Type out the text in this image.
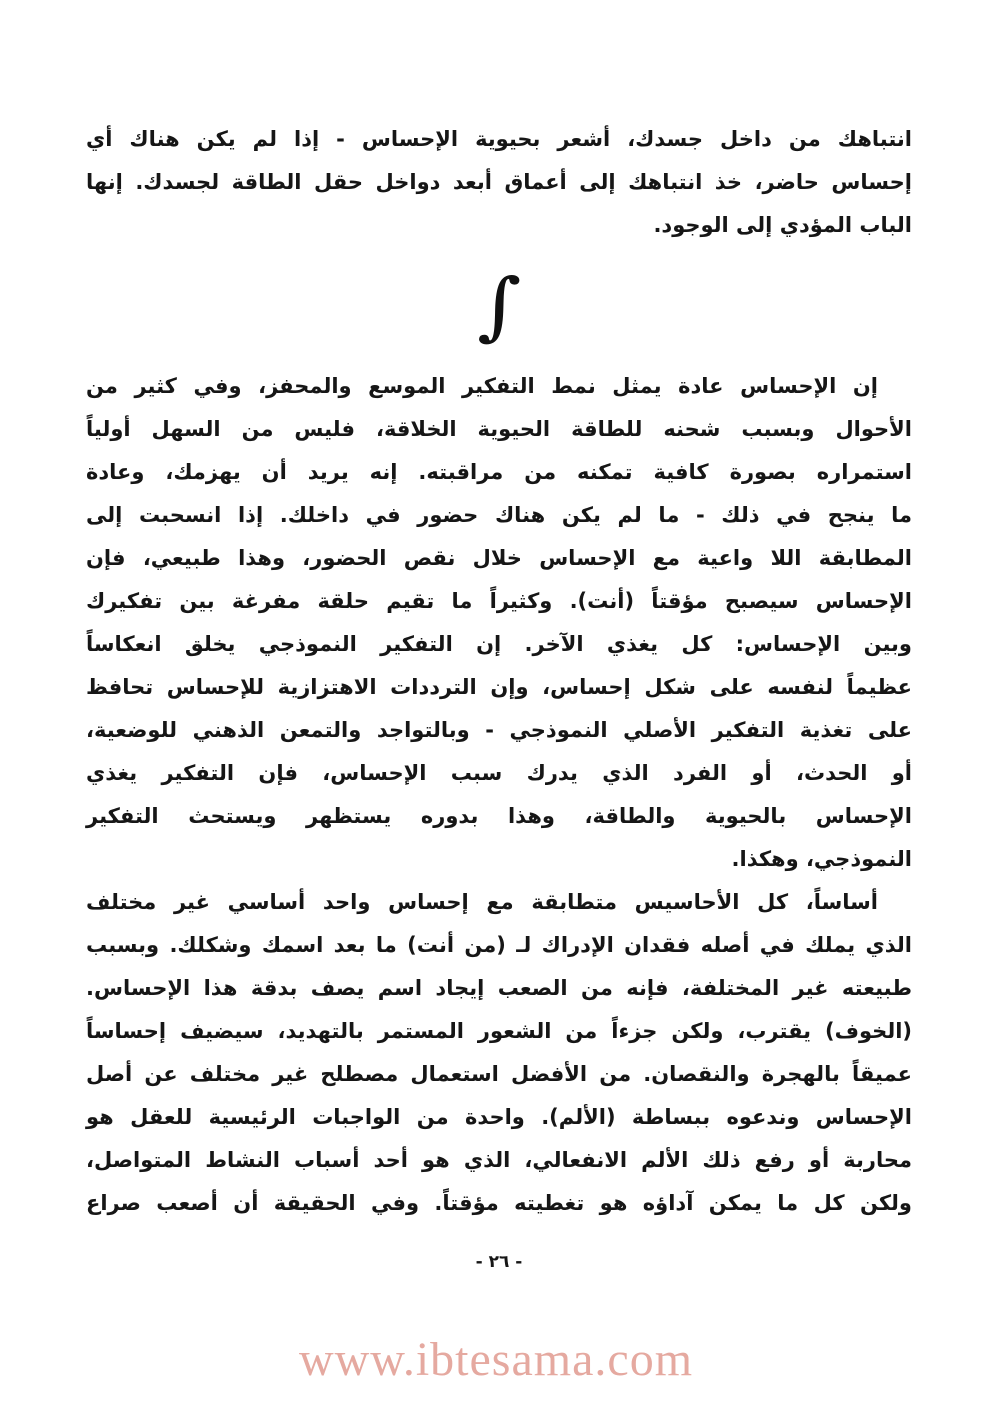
انتباهك من داخل جسدك، أشعر بحيوية الإحساس - إذا لم يكن هناك أي
إحساس حاضر، خذ انتباهك إلى أعماق أبعد دواخل حقل الطاقة لجسدك. إنها
الباب المؤدي إلى الوجود.
∫
إن الإحساس عادة يمثل نمط التفكير الموسع والمحفز، وفي كثير من
الأحوال وبسبب شحنه للطاقة الحيوية الخلاقة، فليس من السهل أولياً
استمراره بصورة كافية تمكنه من مراقبته. إنه يريد أن يهزمك، وعادة
ما ينجح في ذلك - ما لم يكن هناك حضور في داخلك. إذا انسحبت إلى
المطابقة اللا واعية مع الإحساس خلال نقص الحضور، وهذا طبيعي، فإن
الإحساس سيصبح مؤقتاً (أنت). وكثيراً ما تقيم حلقة مفرغة بين تفكيرك
وبين الإحساس: كل يغذي الآخر. إن التفكير النموذجي يخلق انعكاساً
عظيماً لنفسه على شكل إحساس، وإن الترددات الاهتزازية للإحساس تحافظ
على تغذية التفكير الأصلي النموذجي - وبالتواجد والتمعن الذهني للوضعية،
أو الحدث، أو الفرد الذي يدرك سبب الإحساس، فإن التفكير يغذي
الإحساس بالحيوية والطاقة، وهذا بدوره يستظهر ويستحث التفكير
النموذجي، وهكذا.
أساساً، كل الأحاسيس متطابقة مع إحساس واحد أساسي غير مختلف
الذي يملك في أصله فقدان الإدراك لـ (من أنت) ما بعد اسمك وشكلك. وبسبب
طبيعته غير المختلفة، فإنه من الصعب إيجاد اسم يصف بدقة هذا الإحساس.
(الخوف) يقترب، ولكن جزءاً من الشعور المستمر بالتهديد، سيضيف إحساساً
عميقاً بالهجرة والنقصان. من الأفضل استعمال مصطلح غير مختلف عن أصل
الإحساس وندعوه ببساطة (الألم). واحدة من الواجبات الرئيسية للعقل هو
محاربة أو رفع ذلك الألم الانفعالي، الذي هو أحد أسباب النشاط المتواصل،
ولكن كل ما يمكن آداؤه هو تغطيته مؤقتاً. وفي الحقيقة أن أصعب صراع
- ٢٦ -
www.ibtesama.com
